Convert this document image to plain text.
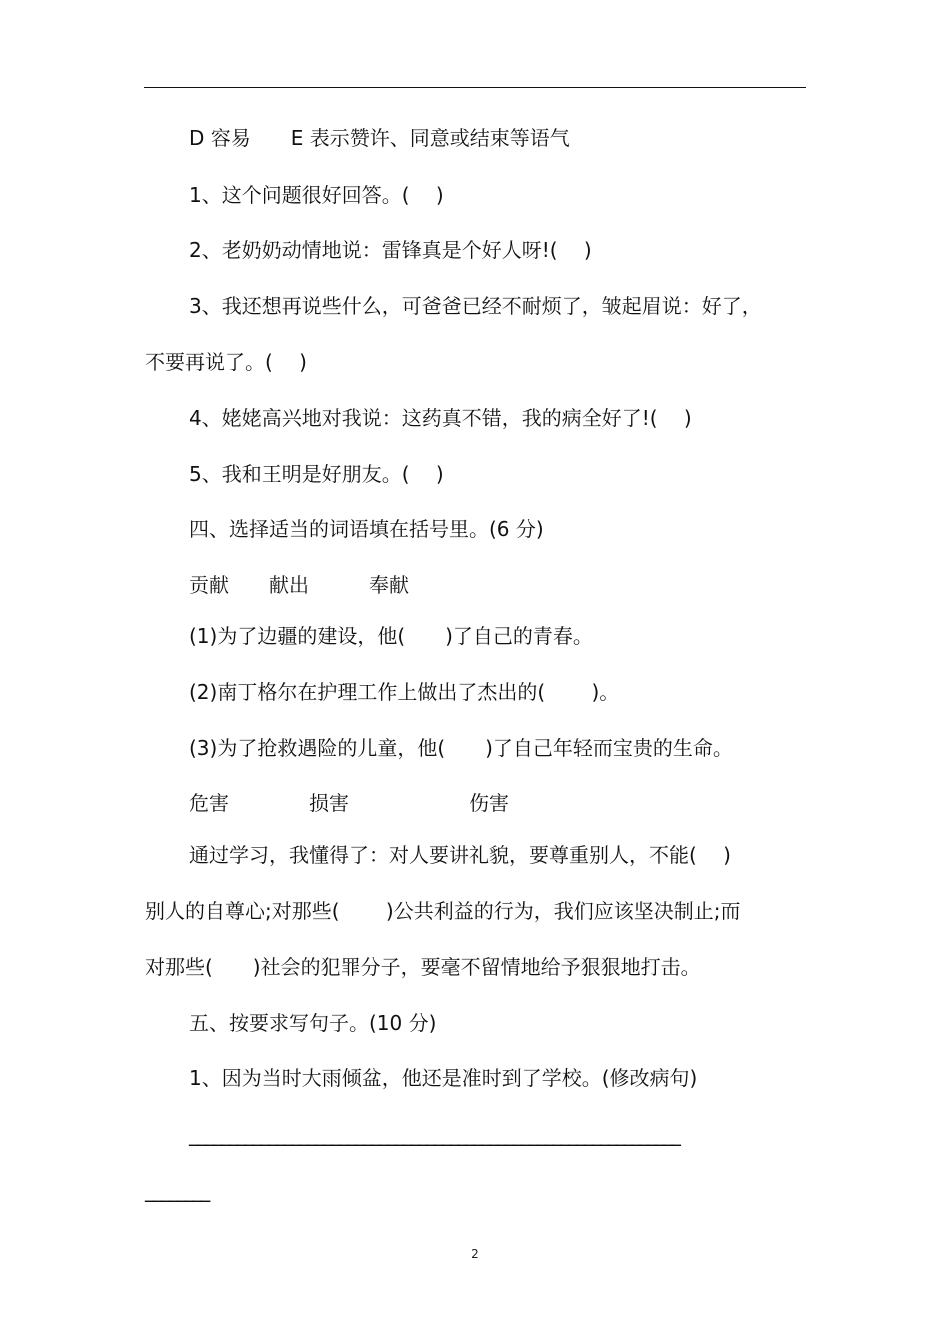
D 容易　　E 表示赞许、同意或结束等语气

1、这个问题很好回答。(　 )

2、老奶奶动情地说：雷锋真是个好人呀!(　 )

3、我还想再说些什么，可爸爸已经不耐烦了，皱起眉说：好了，

不要再说了。(　 )

4、姥姥高兴地对我说：这药真不错，我的病全好了!(　 )

5、我和王明是好朋友。(　 )

四、选择适当的词语填在括号里。(6 分)

贡献　　献出　　　奉献

(1)为了边疆的建设，他(　　)了自己的青春。

(2)南丁格尔在护理工作上做出了杰出的(　　 )。

(3)为了抢救遇险的儿童，他(　　)了自己年轻而宝贵的生命。

危害　　　　损害　　　　　　伤害

通过学习，我懂得了：对人要讲礼貌，要尊重别人，不能(　 )

别人的自尊心;对那些(　　 )公共利益的行为，我们应该坚决制止;而

对那些(　　)社会的犯罪分子，要毫不留情地给予狠狠地打击。

五、按要求写句子。(10 分)

1、因为当时大雨倾盆，他还是准时到了学校。(修改病句)

______________________________________________________________

________

2
